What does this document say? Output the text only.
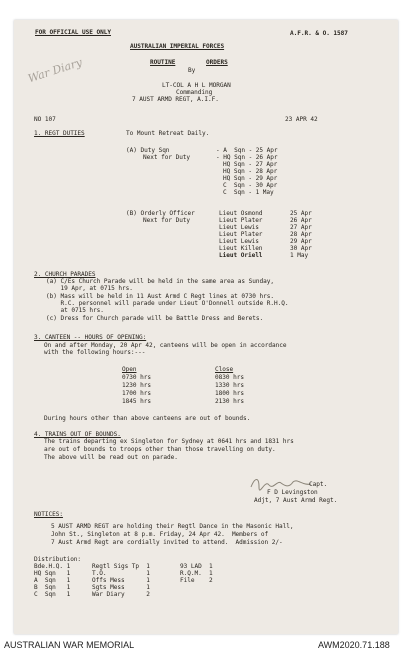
FOR OFFICIAL USE ONLY	A.F.R. & O. 1587
AUSTRALIAN IMPERIAL FORCES
ROUTINE	ORDERS
By
LT-COL A H L MORGAN
Commanding
7 AUST ARMD REGT, A.I.F.
NO 107	23 APR 42
War Diary
1. REGT DUTIES	To Mount Retreat Daily.
(A) Duty Sqn
Next for Duty
- A  Sqn - 25 Apr
- HQ Sqn - 26 Apr
HQ Sqn - 27 Apr
HQ Sqn - 28 Apr
HQ Sqn - 29 Apr
C  Sqn - 30 Apr
C  Sqn - 1 May
(B) Orderly Officer
Next for Duty
Lieut Osmond	25 Apr
Lieut Plater	26 Apr
Lieut Lewis	27 Apr
Lieut Plater	28 Apr
Lieut Lewis	29 Apr
Lieut Killen	30 Apr
Lieut Oriell	1 May
2. CHURCH PARADES
(a) C/Es Church Parade will be held in the same area as Sunday,
19 Apr, at 0715 hrs.
(b) Mass will be held in 11 Aust Armd C Regt lines at 0730 hrs.
R.C. personnel will parade under Lieut O'Donnell outside R.H.Q.
at 0715 hrs.
(c) Dress for Church parade will be Battle Dress and Berets.
3. CANTEEN -- HOURS OF OPENING:
On and after Monday, 20 Apr 42, canteens will be open in accordance
with the following hours:---
Open	Close
0730 hrs	0830 hrs
1230 hrs	1330 hrs
1700 hrs	1800 hrs
1845 hrs	2130 hrs
During hours other than above canteens are out of bounds.
4. TRAINS OUT OF BOUNDS.
The trains departing ex Singleton for Sydney at 0641 hrs and 1831 hrs
are out of bounds to troops other than those travelling on duty.
The above will be read out on parade.
Capt.
F D Levingston
Adjt, 7 Aust Armd Regt.
NOTICES:
5 AUST ARMD REGT are holding their Regtl Dance in the Masonic Hall,
John St., Singleton at 8 p.m. Friday, 24 Apr 42.  Members of
7 Aust Armd Regt are cordially invited to attend.  Admission 2/-
Distribution:
Bde.H.Q. 1
HQ Sqn   1
A  Sqn   1
B  Sqn   1
C  Sqn   1
Regtl Sigs Tp  1
T.O.           1
Offs Mess      1
Sgts Mess      1
War Diary      2
93 LAD  1
R.Q.M.  1
File    2
AUSTRALIAN WAR MEMORIAL	AWM2020.71.188
